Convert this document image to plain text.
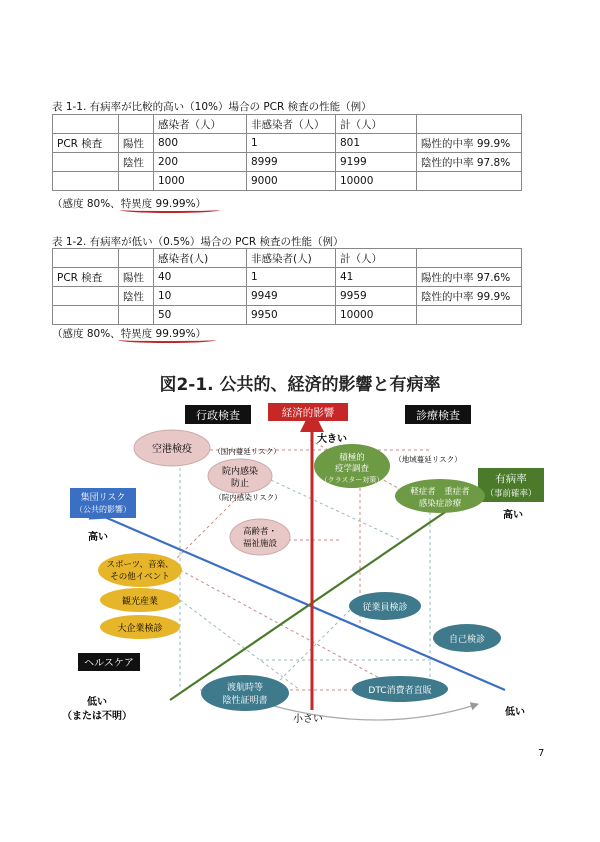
表 1-1. 有病率が比較的高い（10%）場合の PCR 検査の性能（例）
		感染者（人）	非感染者（人）	計（人）	
PCR 検査	陽性	800	1	801	陽性的中率 99.9%
	陰性	200	8999	9199	陰性的中率 97.8%
		1000	9000	10000	
（感度 80%、特異度 99.99%）
表 1-2. 有病率が低い（0.5%）場合の PCR 検査の性能（例）
		感染者(人)	非感染者(人)	計（人）	
PCR 検査	陽性	40	1	41	陽性的中率 97.6%
	陰性	10	9949	9959	陰性的中率 99.9%
		50	9950	10000	
（感度 80%、特異度 99.99%）
図2-1. 公共的、経済的影響と有病率
行政検査	経済的影響	診療検査
大きい
有病率
（事前確率）
高い
集団リスク
（公共的影響）
高い
ヘルスケア
低い
（または不明）	低い
小さい
空港検疫	（国内蔓延リスク）
院内感染
防止
（院内感染リスク）
高齢者・
福祉施設
積極的
疫学調査
（クラスター対策）
（地域蔓延リスク）
軽症者　重症者
感染症診療
スポーツ、音楽、
その他イベント
観光産業
大企業検診
従業員検診
自己検診
渡航時等
陰性証明書
DTC消費者直販
7
